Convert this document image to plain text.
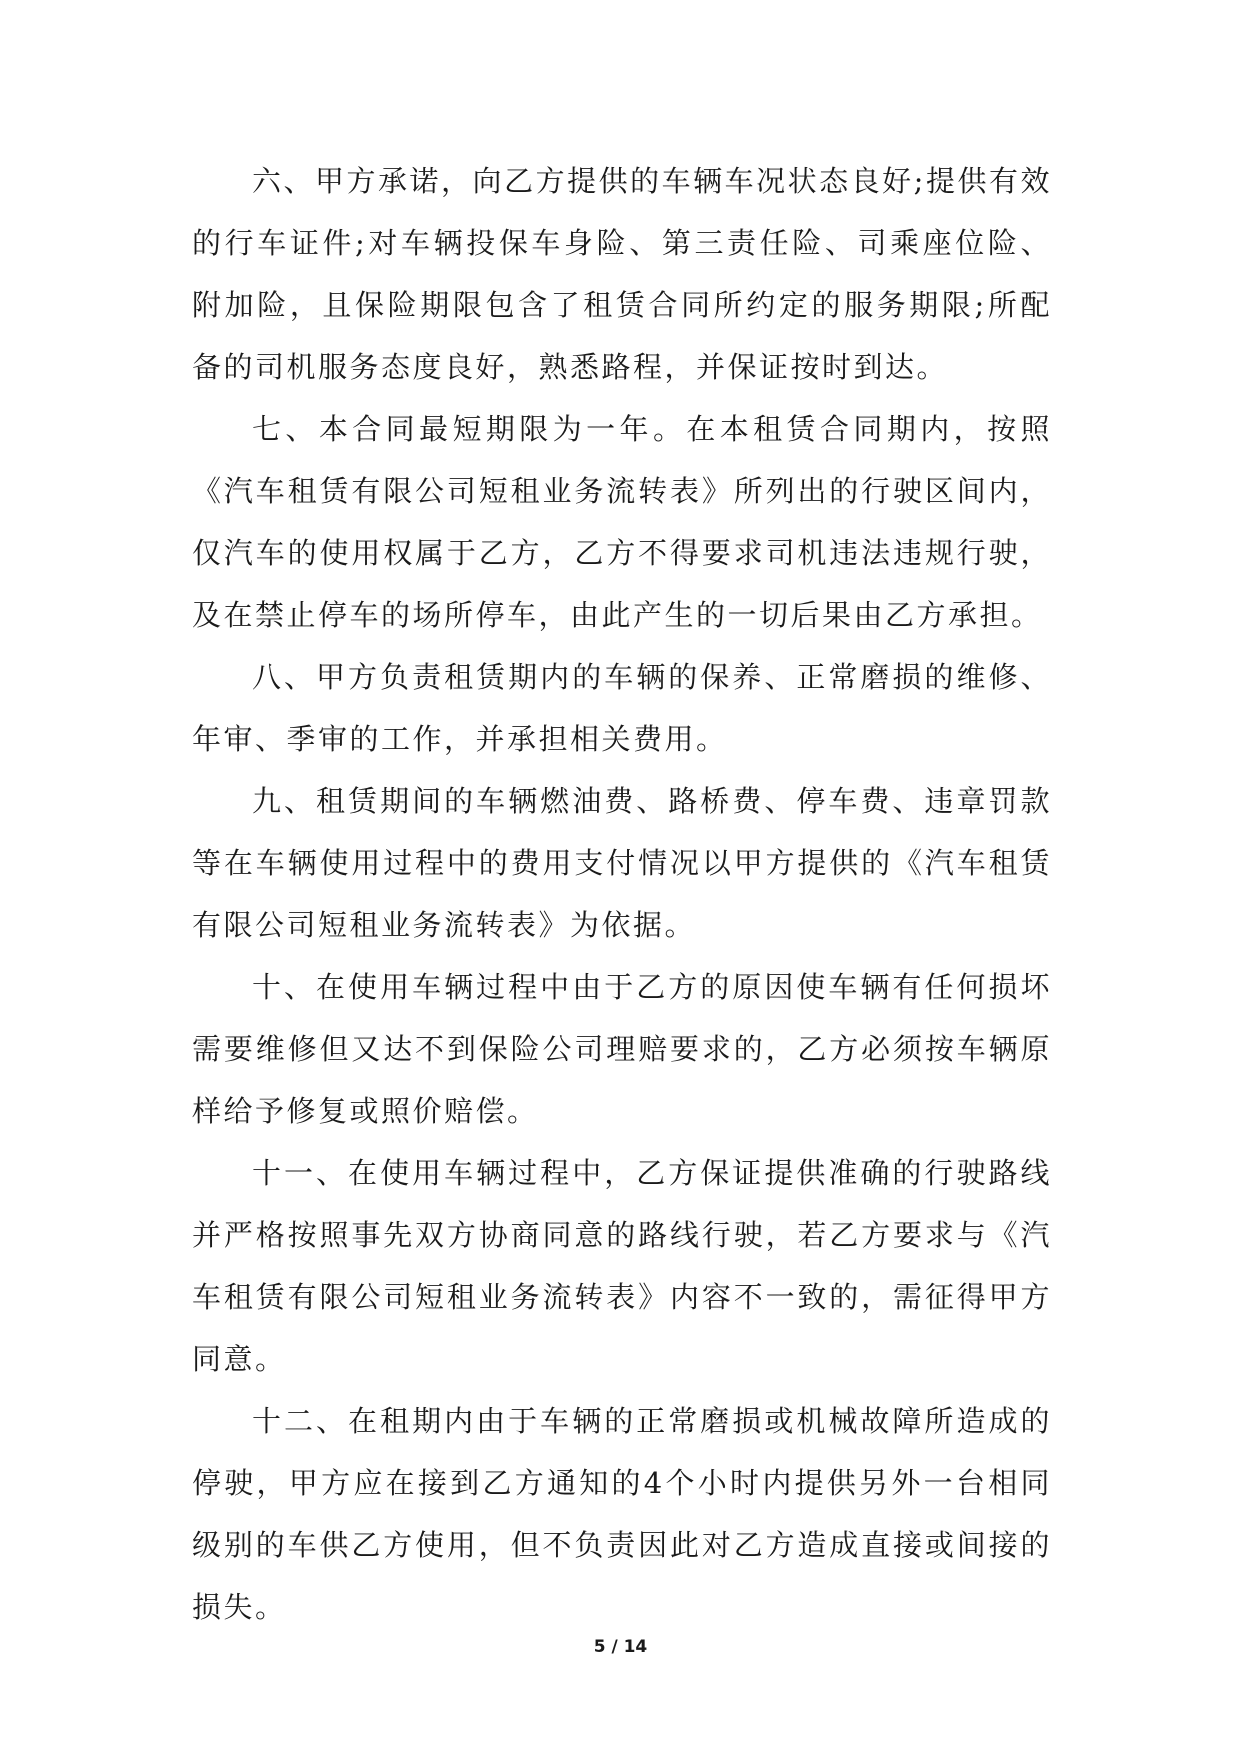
六、甲方承诺，向乙方提供的车辆车况状态良好;提供有效的行车证件;对车辆投保车身险、第三责任险、司乘座位险、附加险，且保险期限包含了租赁合同所约定的服务期限;所配备的司机服务态度良好，熟悉路程，并保证按时到达。

七、本合同最短期限为一年。在本租赁合同期内，按照《汽车租赁有限公司短租业务流转表》所列出的行驶区间内，仅汽车的使用权属于乙方，乙方不得要求司机违法违规行驶，及在禁止停车的场所停车，由此产生的一切后果由乙方承担。

八、甲方负责租赁期内的车辆的保养、正常磨损的维修、年审、季审的工作，并承担相关费用。

九、租赁期间的车辆燃油费、路桥费、停车费、违章罚款等在车辆使用过程中的费用支付情况以甲方提供的《汽车租赁有限公司短租业务流转表》为依据。

十、在使用车辆过程中由于乙方的原因使车辆有任何损坏需要维修但又达不到保险公司理赔要求的，乙方必须按车辆原样给予修复或照价赔偿。

十一、在使用车辆过程中，乙方保证提供准确的行驶路线并严格按照事先双方协商同意的路线行驶，若乙方要求与《汽车租赁有限公司短租业务流转表》内容不一致的，需征得甲方同意。

十二、在租期内由于车辆的正常磨损或机械故障所造成的停驶，甲方应在接到乙方通知的4个小时内提供另外一台相同级别的车供乙方使用，但不负责因此对乙方造成直接或间接的损失。

5 / 14
